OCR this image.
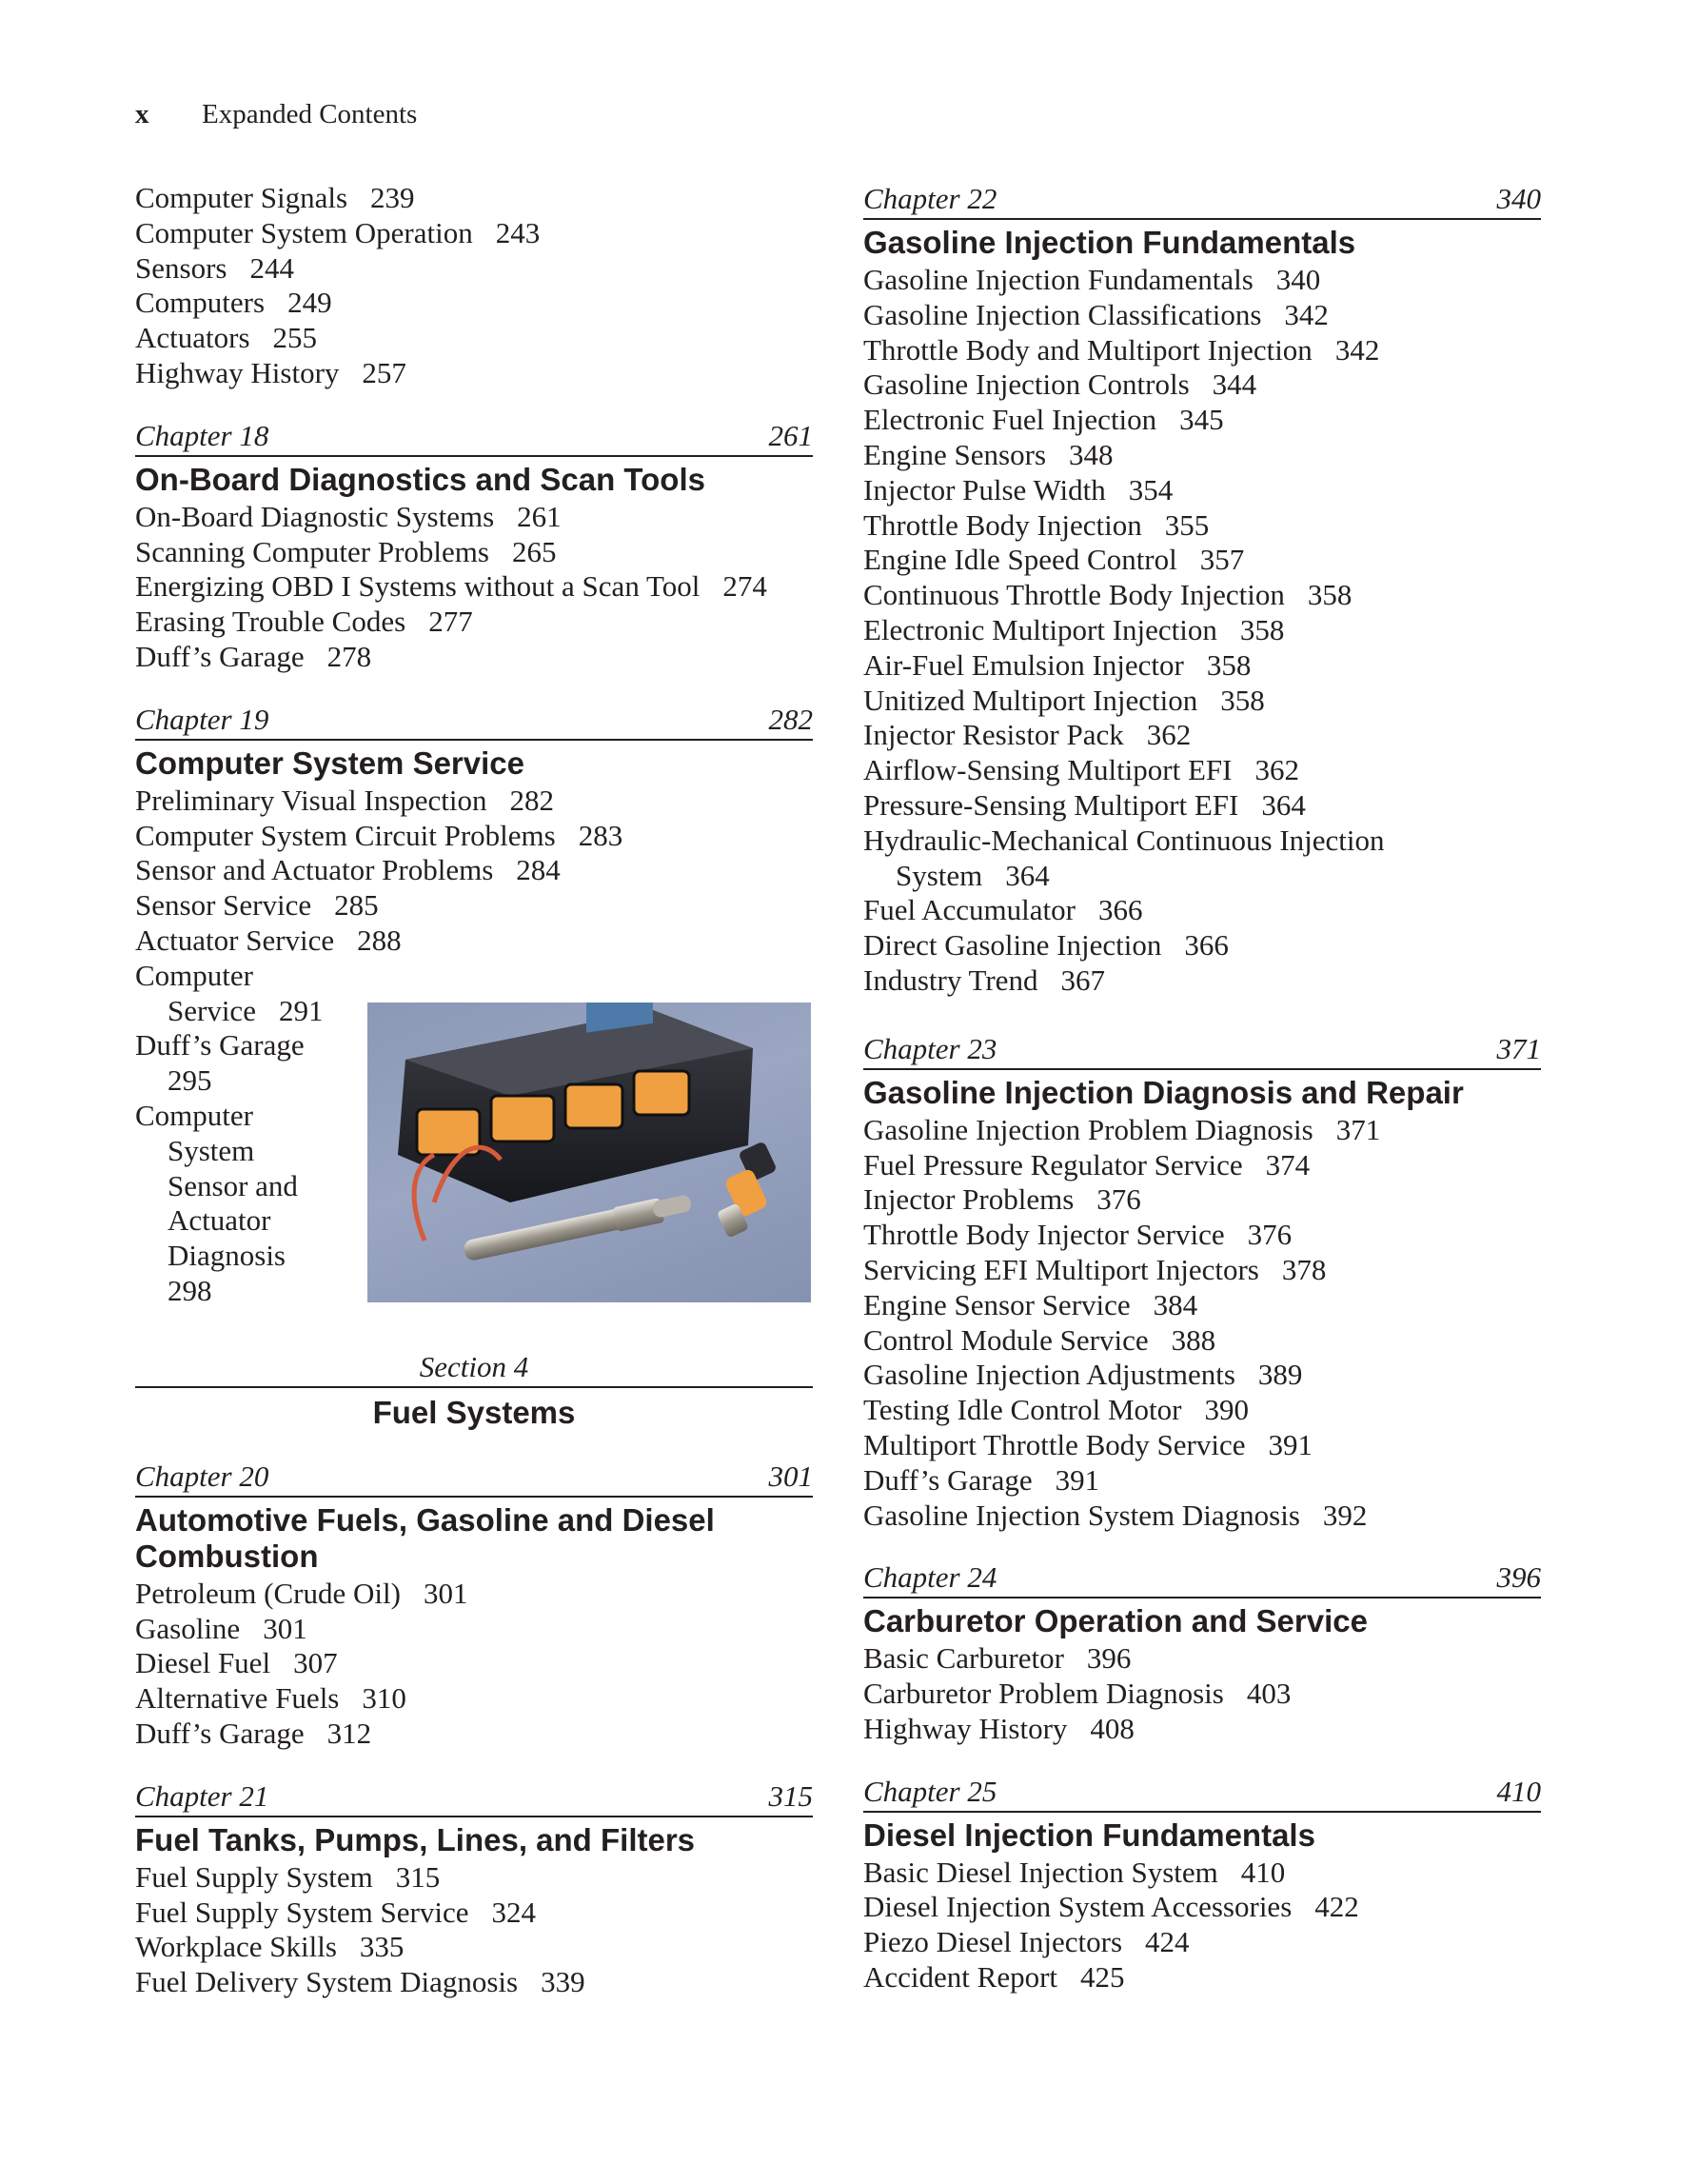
x Expanded Contents
Computer Signals 239
Computer System Operation 243
Sensors 244
Computers 249
Actuators 255
Highway History 257
Chapter 18	261
On-Board Diagnostics and Scan Tools
On-Board Diagnostic Systems 261
Scanning Computer Problems 265
Energizing OBD I Systems without a Scan Tool 274
Erasing Trouble Codes 277
Duff’s Garage 278
Chapter 19	282
Computer System Service
Preliminary Visual Inspection 282
Computer System Circuit Problems 283
Sensor and Actuator Problems 284
Sensor Service 285
Actuator Service 288
Computer
Service 291
Duff’s Garage
295
Computer
System
Sensor and
Actuator
Diagnosis
298
Section 4
Fuel Systems
Chapter 20	301
Automotive Fuels, Gasoline and Diesel
Combustion
Petroleum (Crude Oil) 301
Gasoline 301
Diesel Fuel 307
Alternative Fuels 310
Duff’s Garage 312
Chapter 21	315
Fuel Tanks, Pumps, Lines, and Filters
Fuel Supply System 315
Fuel Supply System Service 324
Workplace Skills 335
Fuel Delivery System Diagnosis 339
Chapter 22	340
Gasoline Injection Fundamentals
Gasoline Injection Fundamentals 340
Gasoline Injection Classifications 342
Throttle Body and Multiport Injection 342
Gasoline Injection Controls 344
Electronic Fuel Injection 345
Engine Sensors 348
Injector Pulse Width 354
Throttle Body Injection 355
Engine Idle Speed Control 357
Continuous Throttle Body Injection 358
Electronic Multiport Injection 358
Air-Fuel Emulsion Injector 358
Unitized Multiport Injection 358
Injector Resistor Pack 362
Airflow-Sensing Multiport EFI 362
Pressure-Sensing Multiport EFI 364
Hydraulic-Mechanical Continuous Injection
System 364
Fuel Accumulator 366
Direct Gasoline Injection 366
Industry Trend 367
Chapter 23	371
Gasoline Injection Diagnosis and Repair
Gasoline Injection Problem Diagnosis 371
Fuel Pressure Regulator Service 374
Injector Problems 376
Throttle Body Injector Service 376
Servicing EFI Multiport Injectors 378
Engine Sensor Service 384
Control Module Service 388
Gasoline Injection Adjustments 389
Testing Idle Control Motor 390
Multiport Throttle Body Service 391
Duff’s Garage 391
Gasoline Injection System Diagnosis 392
Chapter 24	396
Carburetor Operation and Service
Basic Carburetor 396
Carburetor Problem Diagnosis 403
Highway History 408
Chapter 25	410
Diesel Injection Fundamentals
Basic Diesel Injection System 410
Diesel Injection System Accessories 422
Piezo Diesel Injectors 424
Accident Report 425
